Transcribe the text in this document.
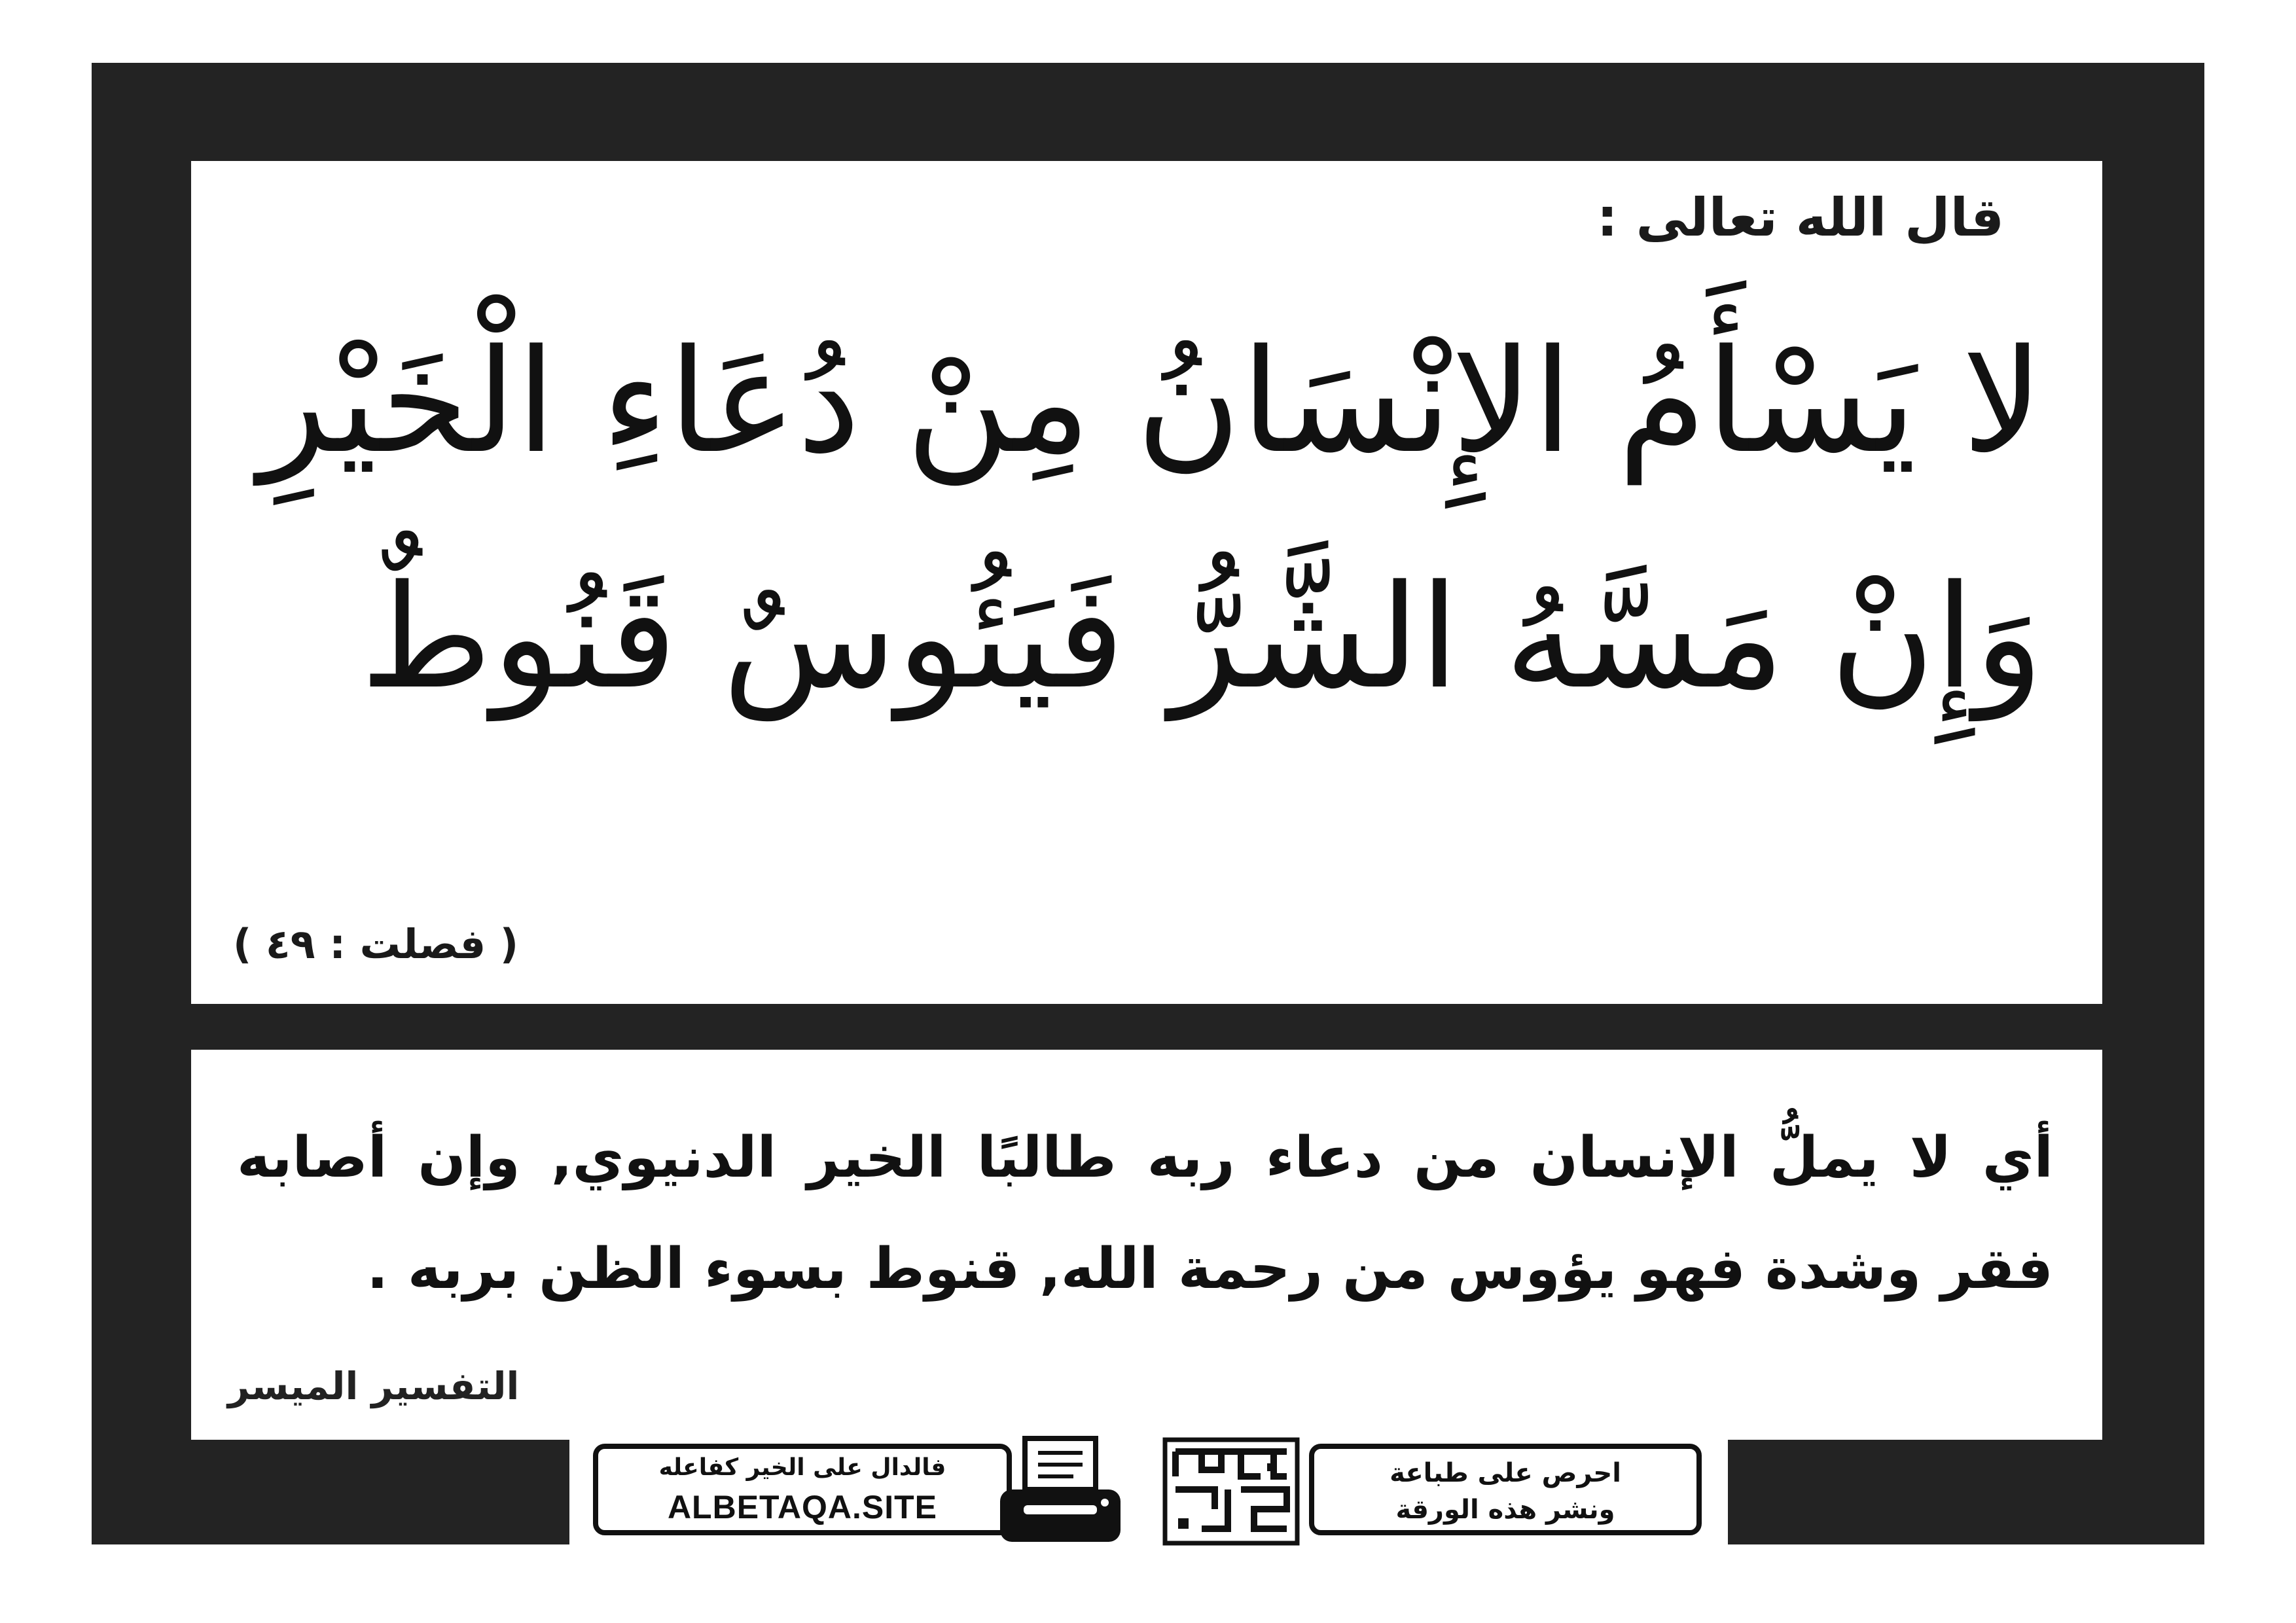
قال الله تعالى :
لا يَسْأَمُ الإِنْسَانُ مِنْ دُعَاءِ الْخَيْرِ
وَإِنْ مَسَّهُ الشَّرُّ فَيَئُوسٌ قَنُوطٌ
( فصلت : ٤٩ )
أي لا يملُّ الإنسان من دعاء ربه طالبًا الخير الدنيوي, وإن أصابه فقر وشدة فهو يؤوس من رحمة الله, قنوط بسوء الظن بربه .
التفسير الميسر
فالدال على الخير كفاعله
ALBETAQA.SITE
احرص على طباعة
ونشر هذه الورقة
